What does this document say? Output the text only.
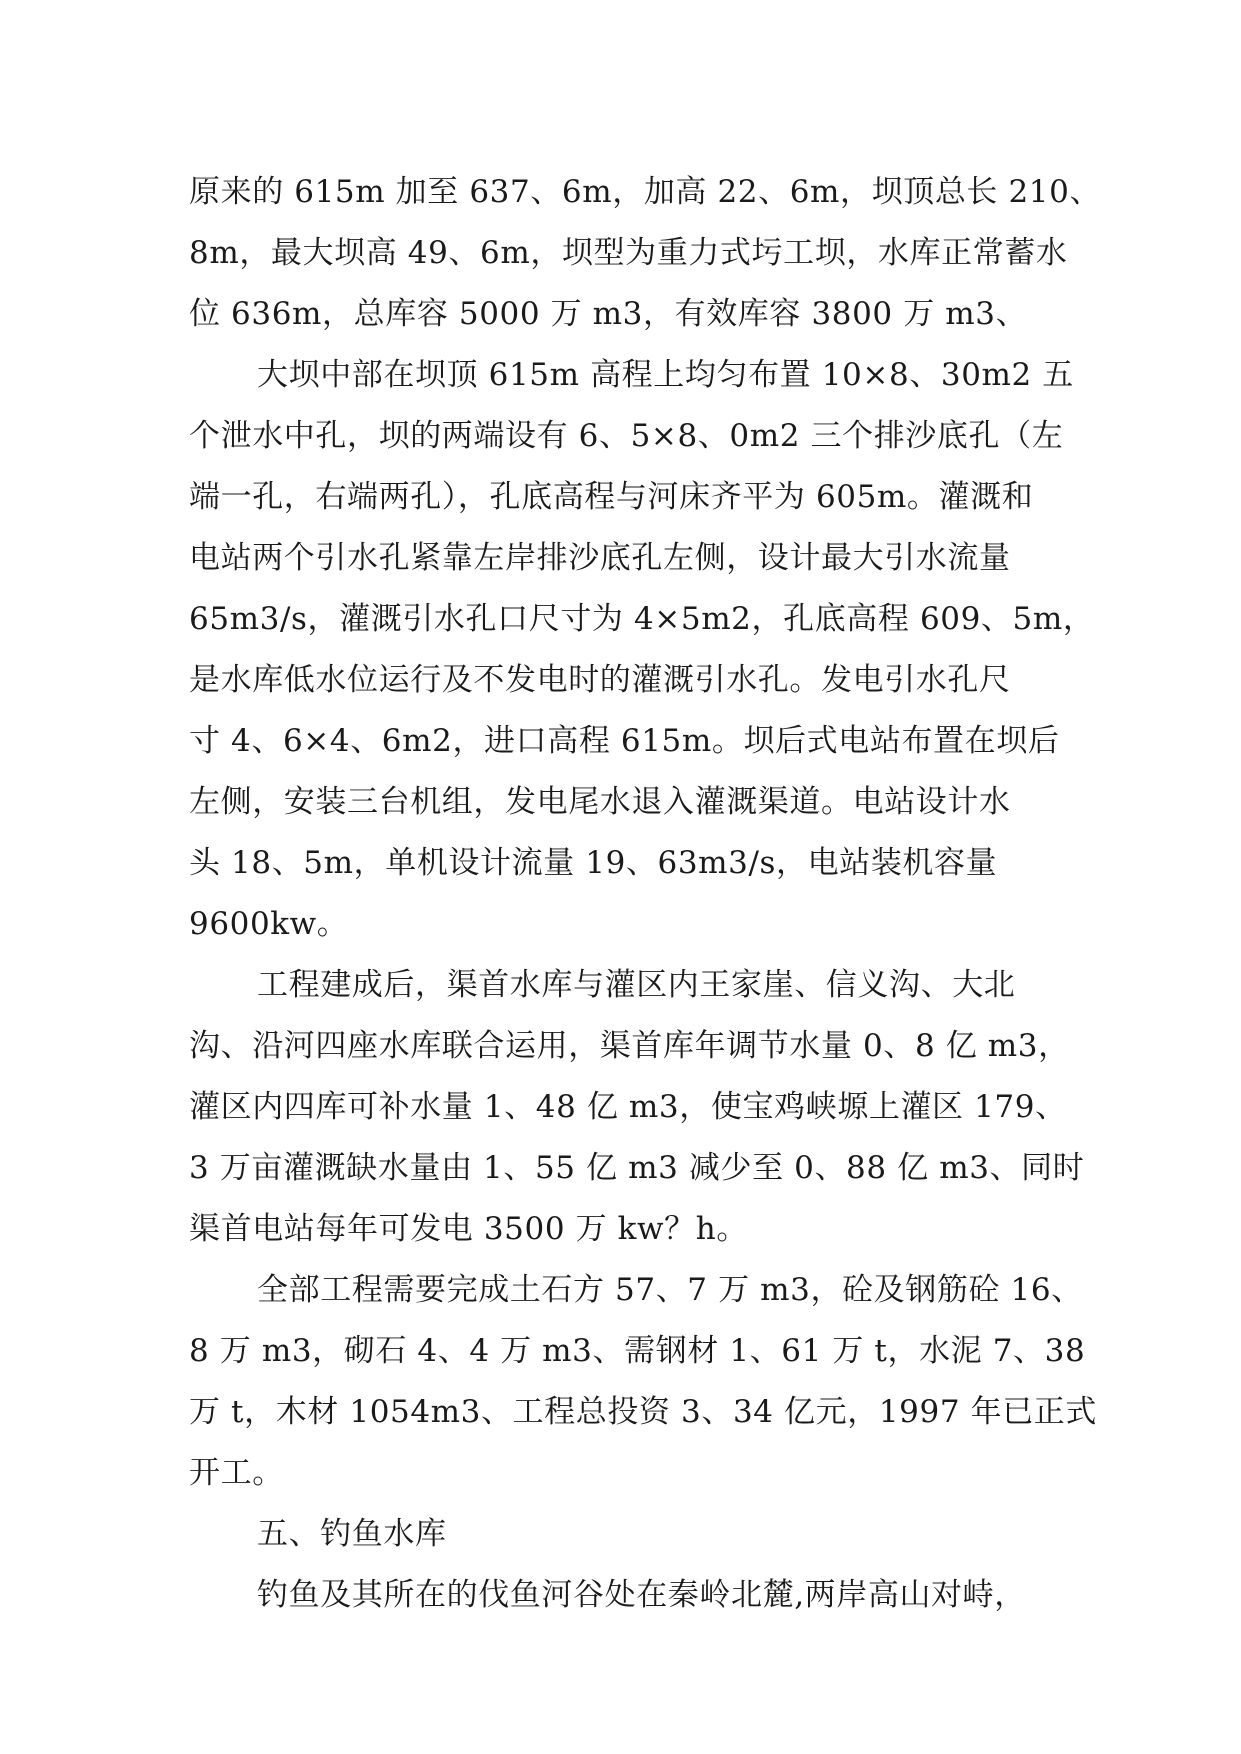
原来的 615m 加至 637、6m，加高 22、6m，坝顶总长 210、
8m，最大坝高 49、6m，坝型为重力式圬工坝，水库正常蓄水
位 636m，总库容 5000 万 m3，有效库容 3800 万 m3、
大坝中部在坝顶 615m 高程上均匀布置 10×8、30m2 五
个泄水中孔，坝的两端设有 6、5×8、0m2 三个排沙底孔（左
端一孔，右端两孔），孔底高程与河床齐平为 605m。灌溉和
电站两个引水孔紧靠左岸排沙底孔左侧，设计最大引水流量
65m3/s，灌溉引水孔口尺寸为 4×5m2，孔底高程 609、5m，
是水库低水位运行及不发电时的灌溉引水孔。发电引水孔尺
寸 4、6×4、6m2，进口高程 615m。坝后式电站布置在坝后
左侧，安装三台机组，发电尾水退入灌溉渠道。电站设计水
头 18、5m，单机设计流量 19、63m3/s，电站装机容量
9600kw。
工程建成后，渠首水库与灌区内王家崖、信义沟、大北
沟、沿河四座水库联合运用，渠首库年调节水量 0、8 亿 m3，
灌区内四库可补水量 1、48 亿 m3，使宝鸡峡塬上灌区 179、
3 万亩灌溉缺水量由 1、55 亿 m3 减少至 0、88 亿 m3、同时
渠首电站每年可发电 3500 万 kw？h。
全部工程需要完成土石方 57、7 万 m3，砼及钢筋砼 16、
8 万 m3，砌石 4、4 万 m3、需钢材 1、61 万 t，水泥 7、38
万 t，木材 1054m3、工程总投资 3、34 亿元，1997 年已正式
开工。
五、钓鱼水库
钓鱼及其所在的伐鱼河谷处在秦岭北麓,两岸高山对峙，
